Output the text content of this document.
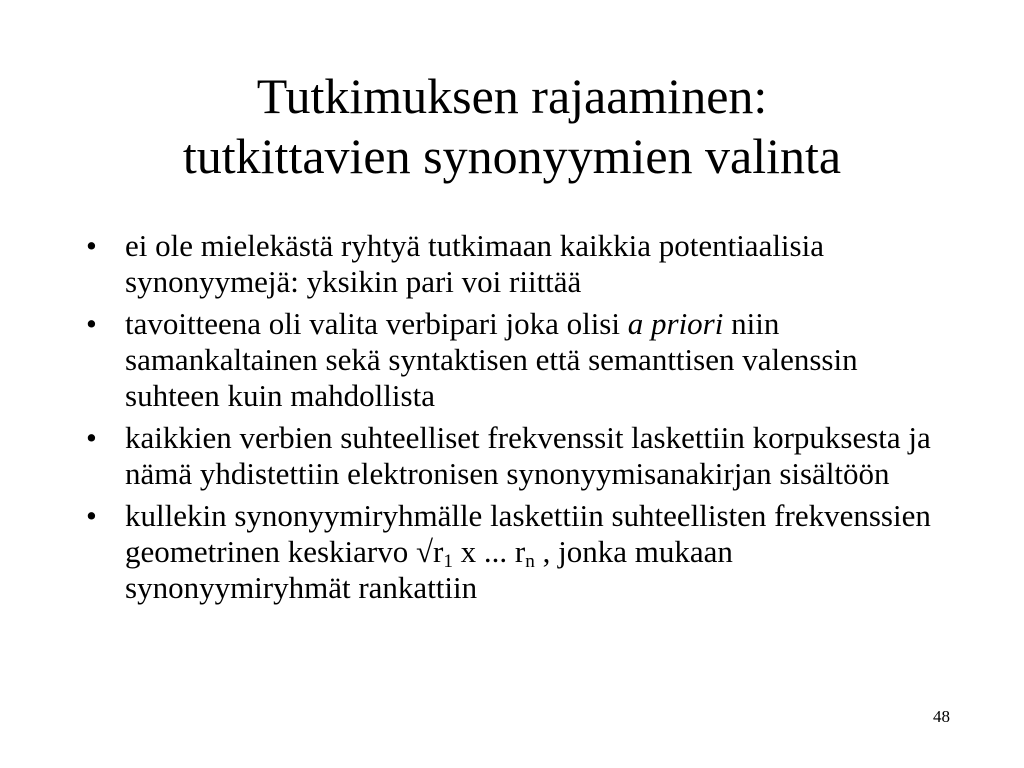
Tutkimuksen rajaaminen:
tutkittavien synonyymien valinta
• ei ole mielekästä ryhtyä tutkimaan kaikkia potentiaalisia synonyymejä: yksikin pari voi riittää
• tavoitteena oli valita verbipari joka olisi a priori niin samankaltainen sekä syntaktisen että semanttisen valenssin suhteen kuin mahdollista
• kaikkien verbien suhteelliset frekvenssit laskettiin korpuksesta ja nämä yhdistettiin elektronisen synonyymisanakirjan sisältöön
• kullekin synonyymiryhmälle laskettiin suhteellisten frekvenssien geometrinen keskiarvo $√r_1$ x ... $r_n$ , jonka mukaan synonyymiryhmät rankattiin
48
